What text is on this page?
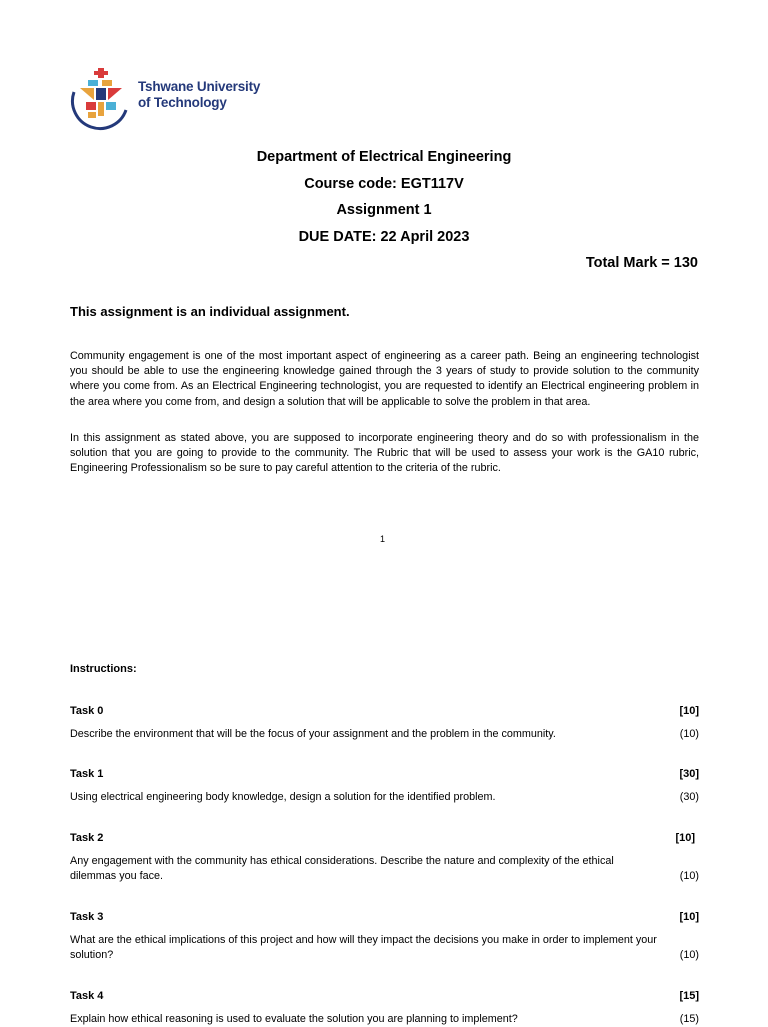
Tshwane University
of Technology
Department of Electrical Engineering
Course code: EGT117V
Assignment 1
DUE DATE: 22 April 2023
Total Mark = 130
This assignment is an individual assignment.
Community engagement is one of the most important aspect of engineering as a career path. Being an engineering technologist you should be able to use the engineering knowledge gained through the 3 years of study to provide solution to the community where you come from. As an Electrical Engineering technologist, you are requested to identify an Electrical engineering problem in the area where you come from, and design a solution that will be applicable to solve the problem in that area.
In this assignment as stated above, you are supposed to incorporate engineering theory and do so with professionalism in the solution that you are going to provide to the community. The Rubric that will be used to assess your work is the GA10 rubric, Engineering Professionalism so be sure to pay careful attention to the criteria of the rubric.
1
Instructions:
Task 0	[10]
Describe the environment that will be the focus of your assignment and the problem in the community.	(10)
Task 1	[30]
Using electrical engineering body knowledge, design a solution for the identified problem.	(30)
Task 2	[10]
Any engagement with the community has ethical considerations. Describe the nature and complexity of the ethical dilemmas you face.	(10)
Task 3	[10]
What are the ethical implications of this project and how will they impact the decisions you make in order to implement your solution?	(10)
Task 4	[15]
Explain how ethical reasoning is used to evaluate the solution you are planning to implement?	(15)
